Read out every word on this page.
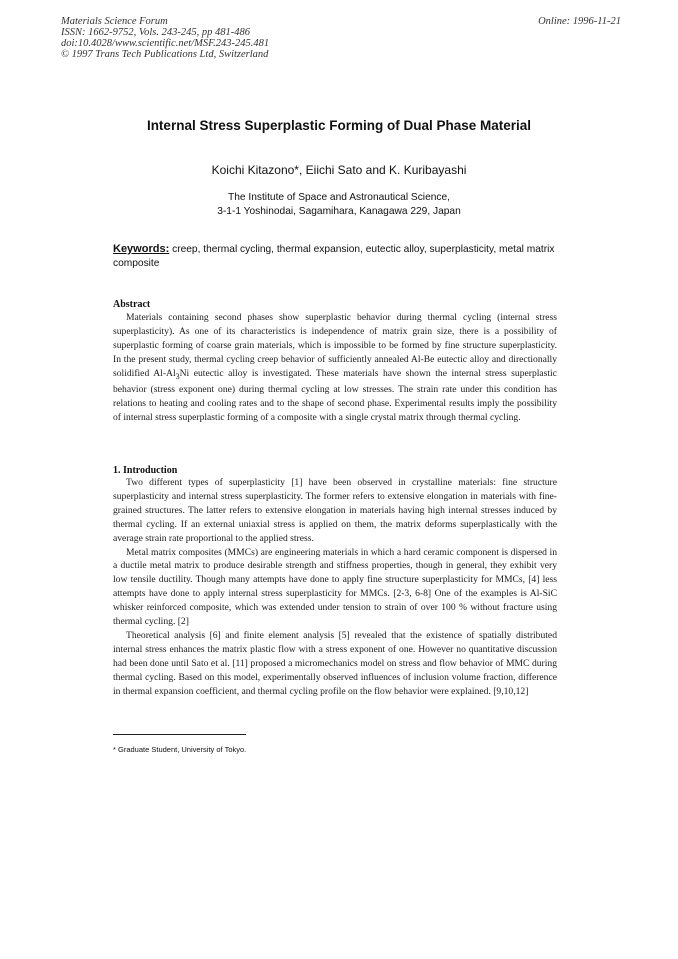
Materials Science Forum
ISSN: 1662-9752, Vols. 243-245, pp 481-486
doi:10.4028/www.scientific.net/MSF.243-245.481
© 1997 Trans Tech Publications Ltd, Switzerland
Online: 1996-11-21
Internal Stress Superplastic Forming of Dual Phase Material
Koichi Kitazono*, Eiichi Sato and K. Kuribayashi
The Institute of Space and Astronautical Science,
3-1-1 Yoshinodai, Sagamihara, Kanagawa 229, Japan
Keywords: creep, thermal cycling, thermal expansion, eutectic alloy, superplasticity, metal matrix composite
Abstract

Materials containing second phases show superplastic behavior during thermal cycling (internal stress superplasticity). As one of its characteristics is independence of matrix grain size, there is a possibility of superplastic forming of coarse grain materials, which is impossible to be formed by fine structure superplasticity. In the present study, thermal cycling creep behavior of sufficiently annealed Al-Be eutectic alloy and directionally solidified $Al-Al_3Ni$ eutectic alloy is investigated. These materials have shown the internal stress superplastic behavior (stress exponent one) during thermal cycling at low stresses. The strain rate under this condition has relations to heating and cooling rates and to the shape of second phase. Experimental results imply the possibility of internal stress superplastic forming of a composite with a single crystal matrix through thermal cycling.

1. Introduction

Two different types of superplasticity [1] have been observed in crystalline materials: fine structure superplasticity and internal stress superplasticity. The former refers to extensive elongation in materials with fine-grained structures. The latter refers to extensive elongation in materials having high internal stresses induced by thermal cycling. If an external uniaxial stress is applied on them, the matrix deforms superplastically with the average strain rate proportional to the applied stress.

Metal matrix composites (MMCs) are engineering materials in which a hard ceramic component is dispersed in a ductile metal matrix to produce desirable strength and stiffness properties, though in general, they exhibit very low tensile ductility. Though many attempts have done to apply fine structure superplasticity for MMCs, [4] less attempts have done to apply internal stress superplasticity for MMCs. [2-3, 6-8] One of the examples is Al-SiC whisker reinforced composite, which was extended under tension to strain of over 100 % without fracture using thermal cycling. [2]

Theoretical analysis [6] and finite element analysis [5] revealed that the existence of spatially distributed internal stress enhances the matrix plastic flow with a stress exponent of one. However no quantitative discussion had been done until Sato et al. [11] proposed a micromechanics model on stress and flow behavior of MMC during thermal cycling. Based on this model, experimentally observed influences of inclusion volume fraction, difference in thermal expansion coefficient, and thermal cycling profile on the flow behavior were explained. [9,10,12]

* Graduate Student, University of Tokyo.
